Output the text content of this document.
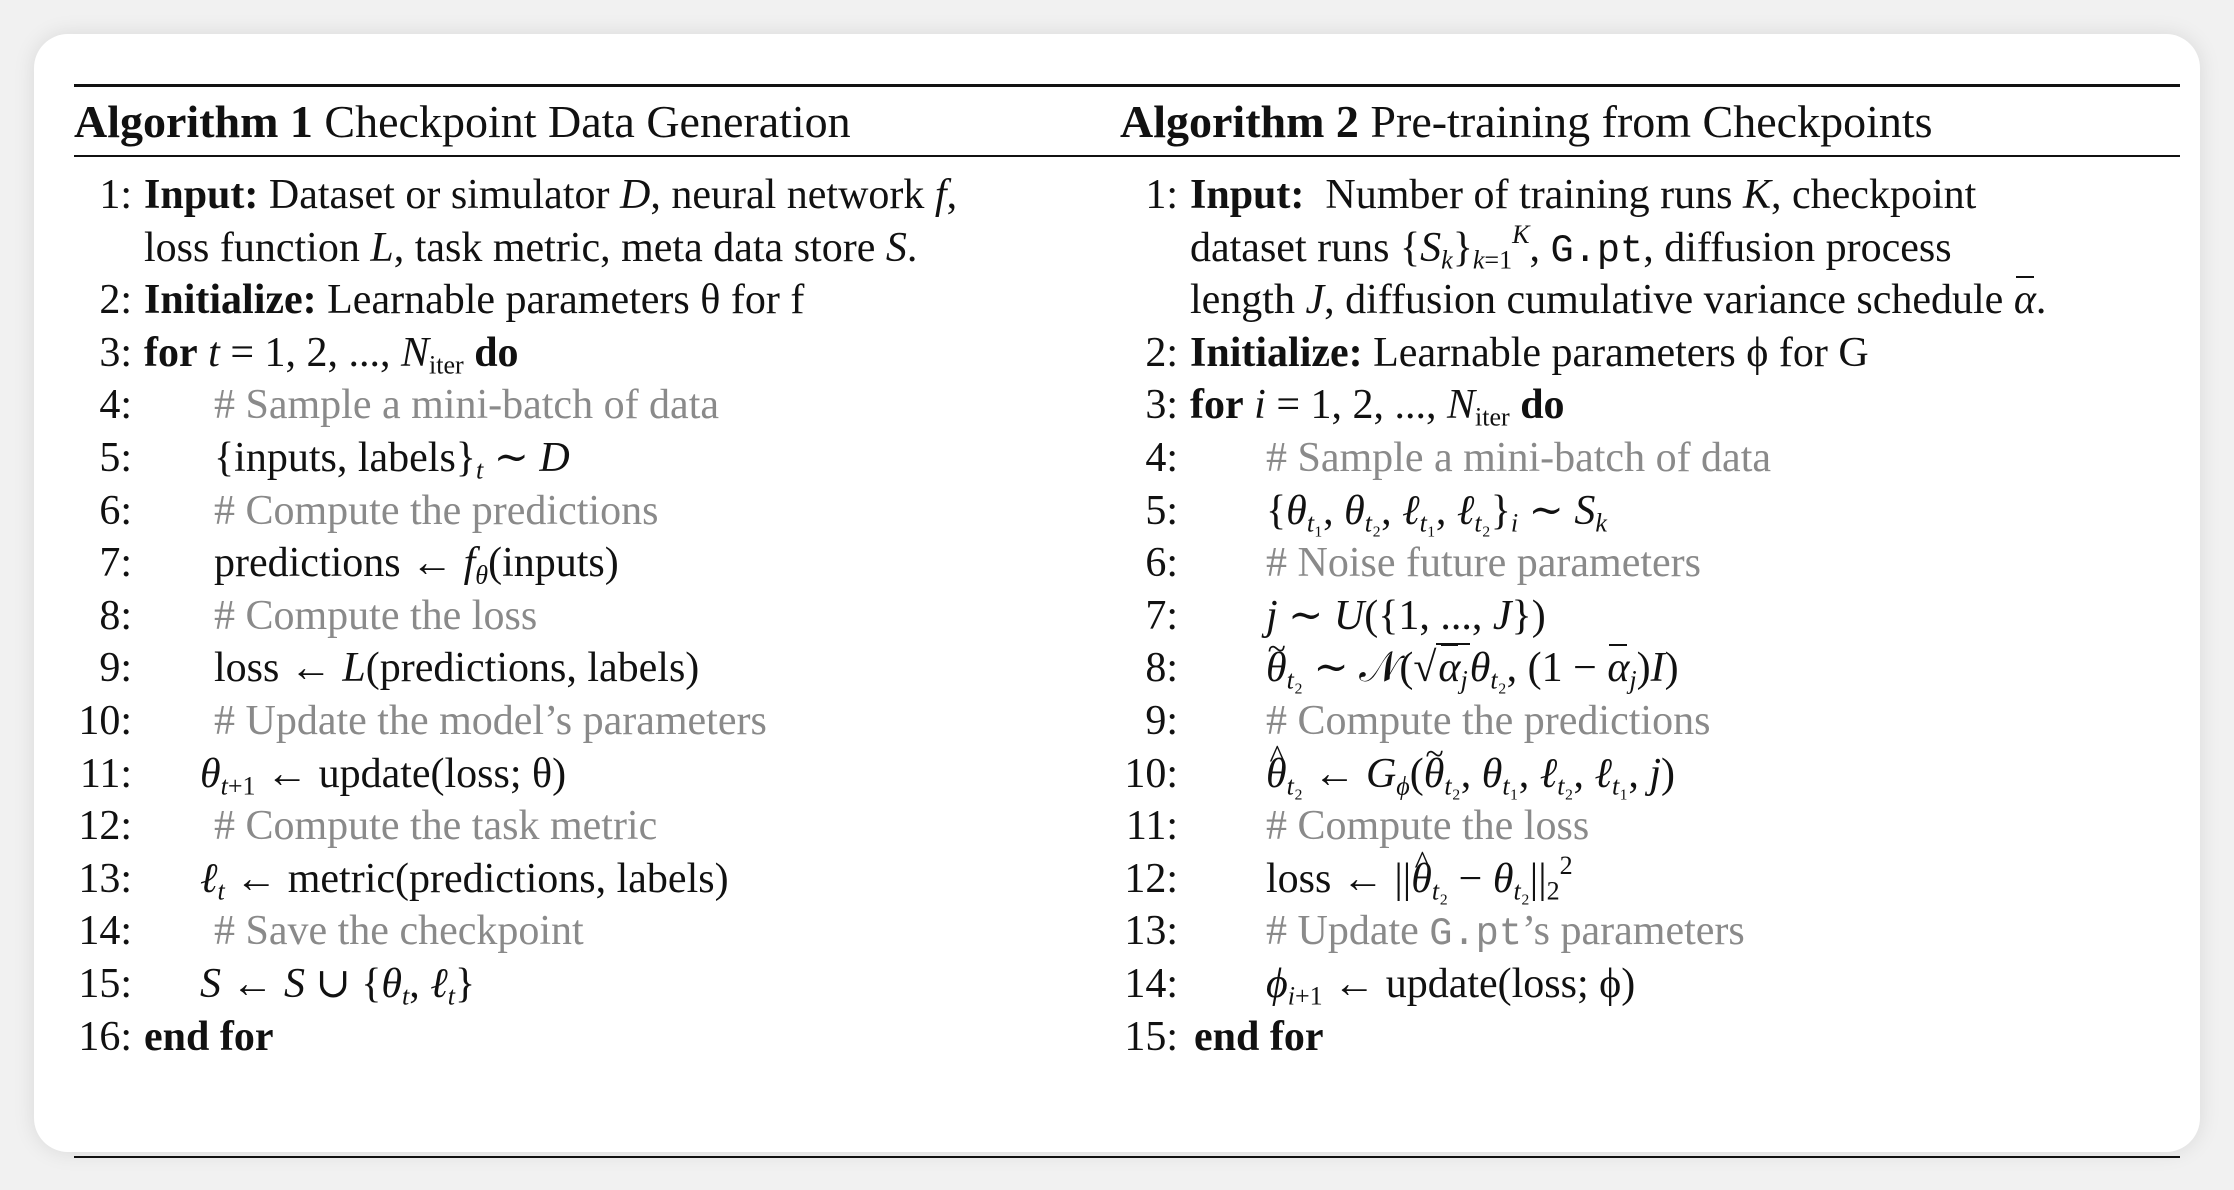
Algorithm 1 Checkpoint Data Generation
1: Input: Dataset or simulator D, neural network f,
loss function L, task metric, meta data store S.
2: Initialize: Learnable parameters θ for f
3: for t = 1, 2, ..., $N_{iter}$ do
4: # Sample a mini-batch of data
5: {inputs, $labels\}_t$ ∼ D
6: # Compute the predictions
7: predictions ← $f_\theta(inputs)$
8: # Compute the loss
9: loss ← L(predictions, labels)
10: # Update the model’s parameters
11: $\theta_{t+1}$ ← update(loss; θ)
12: # Compute the task metric
13: ℓ$_t$ ← metric(predictions, labels)
14: # Save the checkpoint
15: S ← S ∪ {$\theta_t$, ℓ$_t$}
16: end for
Algorithm 2 Pre-training from Checkpoints
1: Input: Number of training runs K, checkpoint
dataset runs $\{S_k\}_{k=1}^K$, G.pt, diffusion process
length J, diffusion cumulative variance schedule α.
2: Initialize: Learnable parameters ϕ for G
3: for i = 1, 2, ..., $N_{iter}$ do
4: # Sample a mini-batch of data
5: {$\theta_{t_1}$, $\theta_{t_2}$, ℓ$_{t_1}$, $\ell_{t_2}\}_i$ ∼ $S_k$
6: # Noise future parameters
7: j ∼ U({1, ..., J})
8: ~ $\theta_{t_2}$ ∼ $𝒩(√\alpha_j\theta_{t_2}$, $(1 - \alpha_j)I$)
9: # Compute the predictions
10: ^ $\theta_{t_2}$ ← $G_\phi(\sim$ $\theta_{t_2}$, $\theta_{t_1}$, ℓ$_{t_2}$, ℓ$_{t_1}$, j)
11: # Compute the loss
12: loss ← ||^ $\theta_{t_2} - \theta_{t_2}||_2^2$
13: # Update G.pt’s parameters
14: $\phi_{i+1}$ ← update(loss; ϕ)
15: end for
